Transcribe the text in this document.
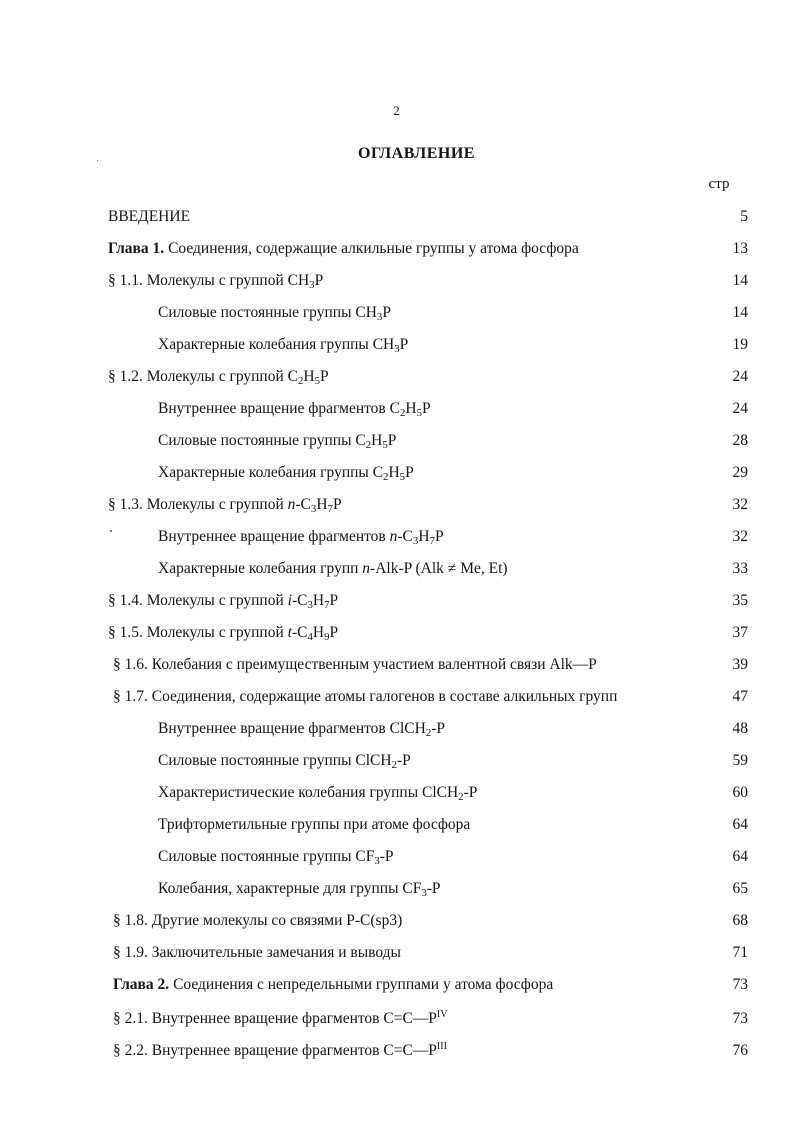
2
ОГЛАВЛЕНИЕ
стр
ВВЕДЕНИЕ	5
Глава 1. Соединения, содержащие алкильные группы у атома фосфора	13
§ 1.1. Молекулы с группой $CH_3P$	14
Силовые постоянные группы $CH_3P$	14
Характерные колебания группы $CH_3P$	19
§ 1.2. Молекулы с группой $C_2H_5P$	24
Внутреннее вращение фрагментов $C_2H_5P$	24
Силовые постоянные группы $C_2H_5P$	28
Характерные колебания группы $C_2H_5P$	29
§ 1.3. Молекулы с группой $n-C_3H_7P$	32
Внутреннее вращение фрагментов $n-C_3H_7P$	32
Характерные колебания групп n-Alk-P (Alk ≠ Me, Et)	33
§ 1.4. Молекулы с группой $i-C_3H_7P$	35
§ 1.5. Молекулы с группой $t-C_4H_9P$	37
§ 1.6. Колебания с преимущественным участием валентной связи Alk—P	39
§ 1.7. Соединения, содержащие атомы галогенов в составе алкильных групп	47
Внутреннее вращение фрагментов ClCH$_2$-P	48
Силовые постоянные группы ClCH$_2$-P	59
Характеристические колебания группы ClCH$_2$-P	60
Трифторметильные группы при атоме фосфора	64
Силовые постоянные группы $CF_3-P$	64
Колебания, характерные для группы $CF_3-P$	65
§ 1.8. Другие молекулы со связями P-C(sp3)	68
§ 1.9. Заключительные замечания и выводы	71
Глава 2. Соединения с непредельными группами у атома фосфора	73
§ 2.1. Внутреннее вращение фрагментов $C=C—P^{IV}$	73
§ 2.2. Внутреннее вращение фрагментов $C=C—P^{III}$	76
